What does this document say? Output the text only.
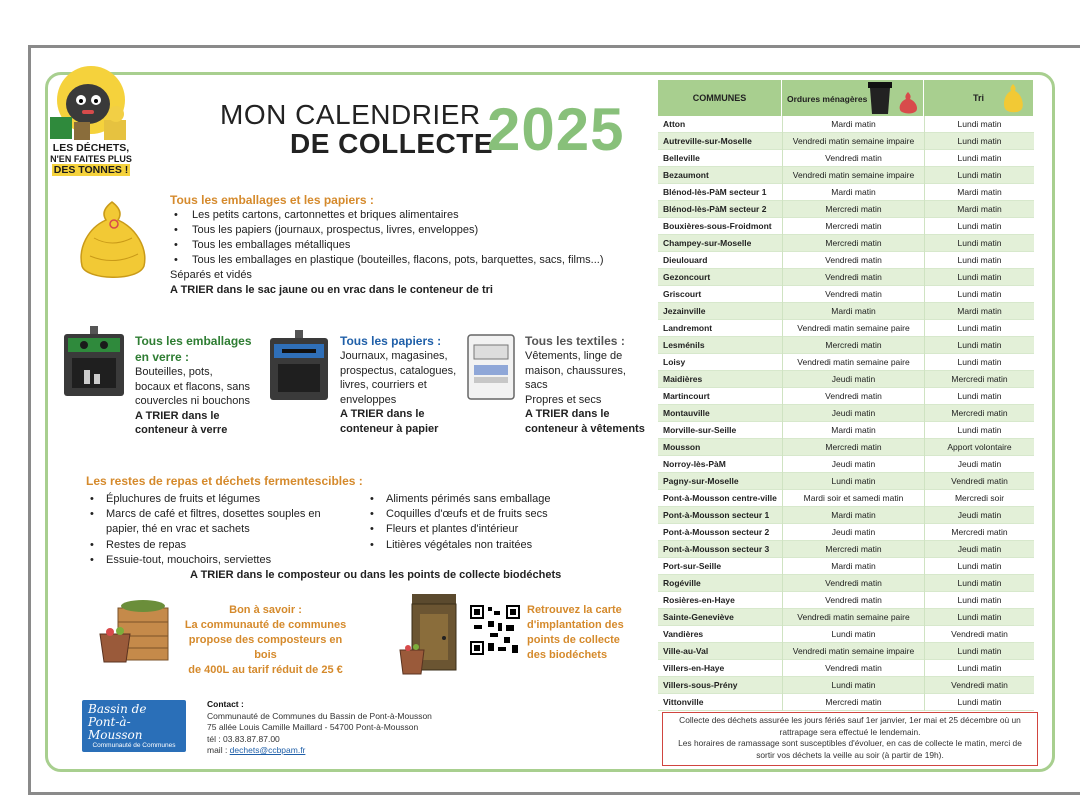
LES DÉCHETS,
N'EN FAITES PLUS
DES TONNES !
MON CALENDRIER
DE COLLECTE
2025
Tous les emballages et les papiers :
• Les petits cartons, cartonnettes et briques alimentaires
• Tous les papiers (journaux, prospectus, livres, enveloppes)
• Tous les emballages métalliques
• Tous les emballages en plastique (bouteilles, flacons, pots, barquettes, sacs, films...)
Séparés et vidés
A TRIER dans le sac jaune ou en vrac dans le conteneur de tri
Tous les emballages
en verre :
Bouteilles, pots,
bocaux et flacons, sans
couvercles ni bouchons
A TRIER dans le
conteneur à verre
Tous les papiers :
Journaux, magasines,
prospectus, catalogues,
livres, courriers et
enveloppes
A TRIER dans le
conteneur à papier
Tous les textiles :
Vêtements, linge de
maison, chaussures,
sacs
Propres et secs
A TRIER dans le
conteneur à vêtements
Les restes de repas et déchets fermentescibles :
• Épluchures de fruits et légumes
• Marcs de café et filtres, dosettes souples en papier, thé en vrac et sachets
• Restes de repas
• Essuie-tout, mouchoirs, serviettes
• Aliments périmés sans emballage
• Coquilles d'œufs et de fruits secs
• Fleurs et plantes d'intérieur
• Litières végétales non traitées
A TRIER dans le composteur ou dans les points de collecte biodéchets
Bon à savoir :
La communauté de communes
propose des composteurs en bois
de 400L au tarif réduit de 25 €
Retrouvez la carte
d'implantation des
points de collecte
des biodéchets
Bassin de
Pont-à-Mousson
Communauté de Communes
Contact :
Communauté de Communes du Bassin de Pont-à-Mousson
75 allée Louis Camille Maillard - 54700 Pont-à-Mousson
tél : 03.83.87.87.00
mail : dechets@ccbpam.fr
COMMUNES	Ordures ménagères	Tri
Atton	Mardi matin	Lundi matin
Autreville-sur-Moselle	Vendredi matin semaine impaire	Lundi matin
Belleville	Vendredi matin	Lundi matin
Bezaumont	Vendredi matin semaine impaire	Lundi matin
Blénod-lès-PàM secteur 1	Mardi matin	Mardi matin
Blénod-lès-PàM secteur 2	Mercredi matin	Mardi matin
Bouxières-sous-Froidmont	Mercredi matin	Lundi matin
Champey-sur-Moselle	Mercredi matin	Lundi matin
Dieulouard	Vendredi matin	Lundi matin
Gezoncourt	Vendredi matin	Lundi matin
Griscourt	Vendredi matin	Lundi matin
Jezainville	Mardi matin	Mardi matin
Landremont	Vendredi matin semaine paire	Lundi matin
Lesménils	Mercredi matin	Lundi matin
Loisy	Vendredi matin semaine paire	Lundi matin
Maidières	Jeudi matin	Mercredi matin
Martincourt	Vendredi matin	Lundi matin
Montauville	Jeudi matin	Mercredi matin
Morville-sur-Seille	Mardi matin	Lundi matin
Mousson	Mercredi matin	Apport volontaire
Norroy-lès-PàM	Jeudi matin	Jeudi matin
Pagny-sur-Moselle	Lundi matin	Vendredi matin
Pont-à-Mousson centre-ville	Mardi soir et samedi matin	Mercredi soir
Pont-à-Mousson secteur 1	Mardi matin	Jeudi matin
Pont-à-Mousson secteur 2	Jeudi matin	Mercredi matin
Pont-à-Mousson secteur 3	Mercredi matin	Jeudi matin
Port-sur-Seille	Mardi matin	Lundi matin
Rogéville	Vendredi matin	Lundi matin
Rosières-en-Haye	Vendredi matin	Lundi matin
Sainte-Geneviève	Vendredi matin semaine paire	Lundi matin
Vandières	Lundi matin	Vendredi matin
Ville-au-Val	Vendredi matin semaine impaire	Lundi matin
Villers-en-Haye	Vendredi matin	Lundi matin
Villers-sous-Prény	Lundi matin	Vendredi matin
Vittonville	Mercredi matin	Lundi matin
Collecte des déchets assurée les jours fériés sauf 1er janvier, 1er mai et 25 décembre où un
rattrapage sera effectué le lendemain.
Les horaires de ramassage sont susceptibles d'évoluer, en cas de collecte le matin, merci de
sortir vos déchets la veille au soir (à partir de 19h).
